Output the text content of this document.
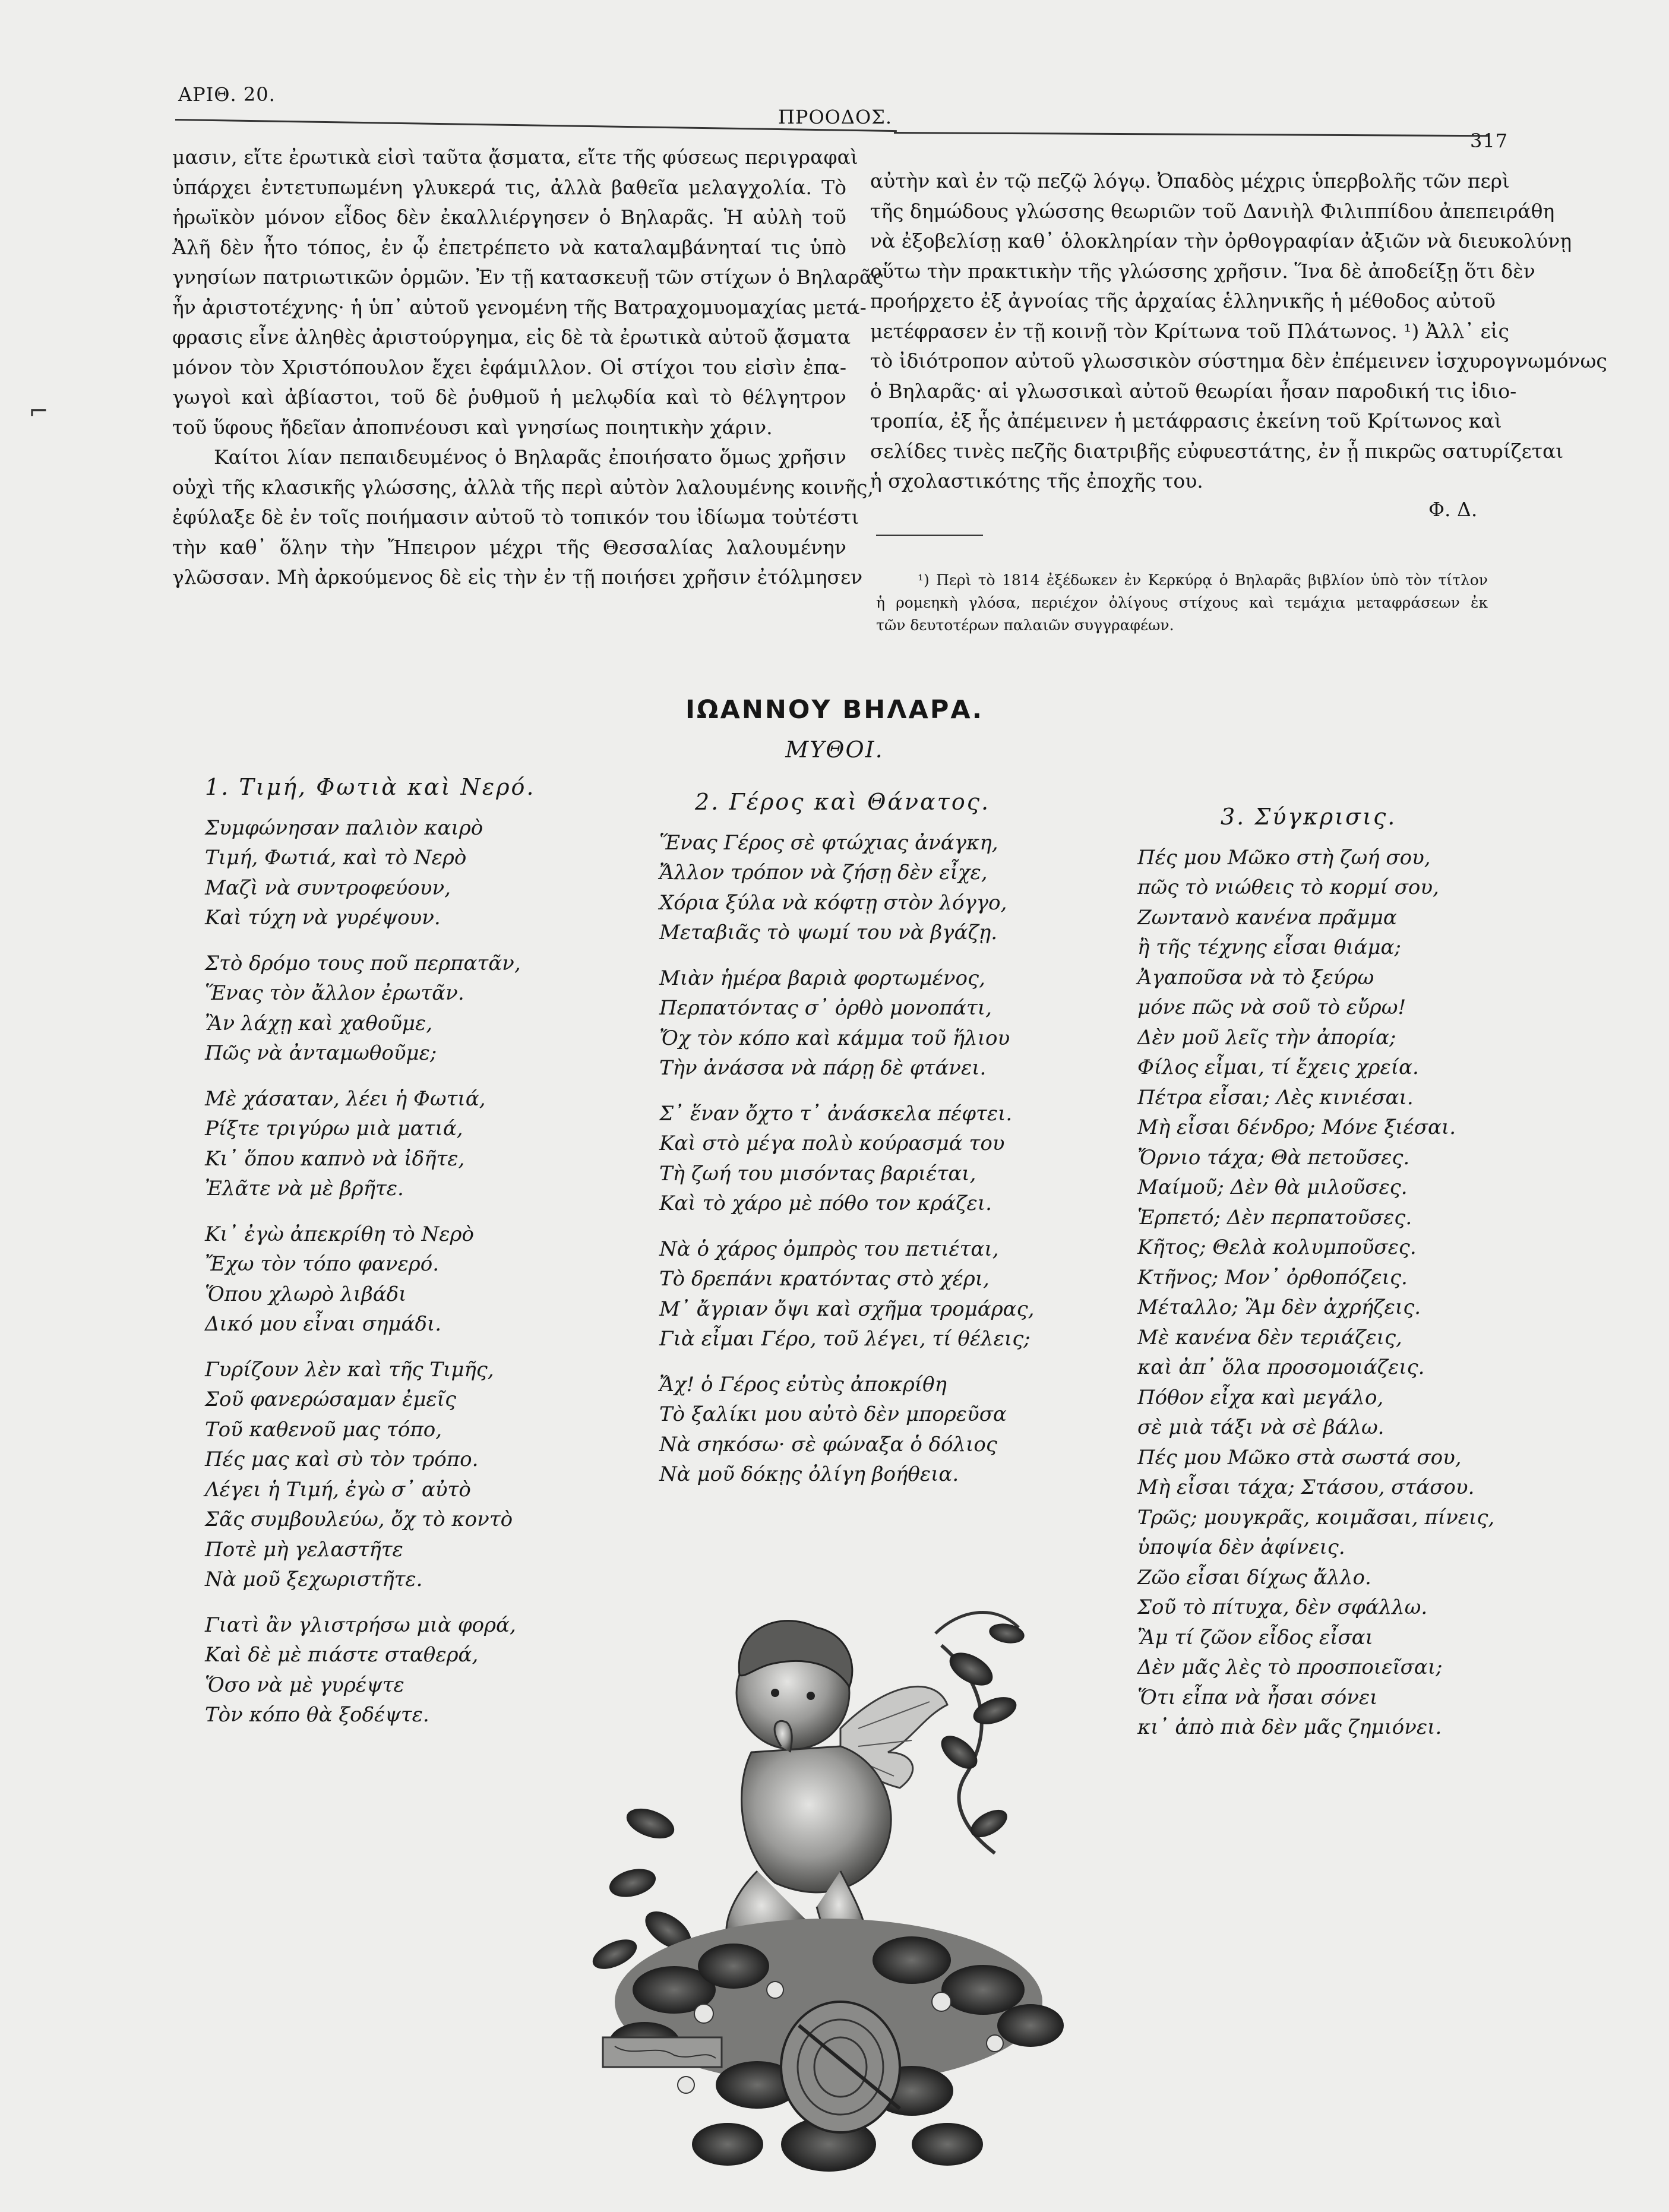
ΑΡΙΘ. 20.
ΠΡΟΟΔΟΣ.
317
μασιν, εἴτε ἐρωτικὰ εἰσὶ ταῦτα ᾄσματα, εἴτε τῆς φύσεως περιγραφαὶ
ὑπάρχει ἐντετυπωμένη γλυκερά τις, ἀλλὰ βαθεῖα μελαγχολία. Τὸ
ἡρωϊκὸν μόνον εἶδος δὲν ἐκαλλιέργησεν ὁ Βηλαρᾶς. Ἡ αὐλὴ τοῦ
Ἀλῆ δὲν ἦτο τόπος, ἐν ᾧ ἐπετρέπετο νὰ καταλαμβάνηταί τις ὑπὸ
γνησίων πατριωτικῶν ὁρμῶν. Ἐν τῇ κατασκευῇ τῶν στίχων ὁ Βηλαρᾶς
ἦν ἀριστοτέχνης· ἡ ὑπ᾿ αὐτοῦ γενομένη τῆς Βατραχομυομαχίας μετά-
φρασις εἶνε ἀληθὲς ἀριστούργημα, εἰς δὲ τὰ ἐρωτικὰ αὐτοῦ ᾄσματα
μόνον τὸν Χριστόπουλον ἔχει ἐφάμιλλον. Οἱ στίχοι του εἰσὶν ἐπα-
γωγοὶ καὶ ἀβίαστοι, τοῦ δὲ ῥυθμοῦ ἡ μελῳδία καὶ τὸ θέλγητρον
τοῦ ὕφους ἤδεῖαν ἀποπνέουσι καὶ γνησίως ποιητικὴν χάριν.
Καίτοι λίαν πεπαιδευμένος ὁ Βηλαρᾶς ἐποιήσατο ὅμως χρῆσιν
οὐχὶ τῆς κλασικῆς γλώσσης, ἀλλὰ τῆς περὶ αὐτὸν λαλουμένης κοινῆς,
ἐφύλαξε δὲ ἐν τοῖς ποιήμασιν αὐτοῦ τὸ τοπικόν του ἰδίωμα τοὐτέστι
τὴν καθ᾿ ὅλην τὴν Ἤπειρον μέχρι τῆς Θεσσαλίας λαλουμένην
γλῶσσαν. Μὴ ἀρκούμενος δὲ εἰς τὴν ἐν τῇ ποιήσει χρῆσιν ἐτόλμησεν
αὐτὴν καὶ ἐν τῷ πεζῷ λόγῳ. Ὀπαδὸς μέχρις ὑπερβολῆς τῶν περὶ
τῆς δημώδους γλώσσης θεωριῶν τοῦ Δανιὴλ Φιλιππίδου ἀπεπειράθη
νὰ ἐξοβελίσῃ καθ᾿ ὁλοκληρίαν τὴν ὀρθογραφίαν ἀξιῶν νὰ διευκολύνῃ
οὕτω τὴν πρακτικὴν τῆς γλώσσης χρῆσιν. Ἵνα δὲ ἀποδείξῃ ὅτι δὲν
προήρχετο ἐξ ἀγνοίας τῆς ἀρχαίας ἑλληνικῆς ἡ μέθοδος αὐτοῦ
μετέφρασεν ἐν τῇ κοινῇ τὸν Κρίτωνα τοῦ Πλάτωνος. ¹) Ἀλλ᾿ εἰς
τὸ ἰδιότροπον αὐτοῦ γλωσσικὸν σύστημα δὲν ἐπέμεινεν ἰσχυρογνωμόνως
ὁ Βηλαρᾶς· αἱ γλωσσικαὶ αὐτοῦ θεωρίαι ἦσαν παροδική τις ἰδιο-
τροπία, ἐξ ἧς ἀπέμεινεν ἡ μετάφρασις ἐκείνη τοῦ Κρίτωνος καὶ
σελίδες τινὲς πεζῆς διατριβῆς εὐφυεστάτης, ἐν ᾗ πικρῶς σατυρίζεται
ἡ σχολαστικότης τῆς ἐποχῆς του.
Φ. Δ.
¹) Περὶ τὸ 1814 ἐξέδωκεν ἐν Κερκύρᾳ ὁ Βηλαρᾶς βιβλίον ὑπὸ τὸν τίτλον
ἡ ρομεηκὴ γλόσα, περιέχον ὀλίγους στίχους καὶ τεμάχια μεταφράσεων ἐκ
τῶν δευτοτέρων παλαιῶν συγγραφέων.
⌐
ΙΩΑΝΝΟΥ ΒΗΛΑΡΑ.
ΜΥΘΟΙ.
1. Τιμή, Φωτιὰ καὶ Νερό.
Συμφώνησαν παλιὸν καιρὸ
Τιμή, Φωτιά, καὶ τὸ Νερὸ
Μαζὶ νὰ συντροφεύουν,
Καὶ τύχη νὰ γυρέψουν.
Στὸ δρόμο τους ποῦ περπατᾶν,
Ἕνας τὸν ἄλλον ἐρωτᾶν.
Ἂν λάχῃ καὶ χαθοῦμε,
Πῶς νὰ ἀνταμωθοῦμε;
Μὲ χάσαταν, λέει ἡ Φωτιά,
Ρίξτε τριγύρω μιὰ ματιά,
Κι᾿ ὅπου καπνὸ νὰ ἰδῆτε,
Ἐλᾶτε νὰ μὲ βρῆτε.
Κι᾿ ἐγὼ ἀπεκρίθη τὸ Νερὸ
Ἔχω τὸν τόπο φανερό.
Ὅπου χλωρὸ λιβάδι
Δικό μου εἶναι σημάδι.
Γυρίζουν λὲν καὶ τῆς Τιμῆς,
Σοῦ φανερώσαμαν ἐμεῖς
Τοῦ καθενοῦ μας τόπο,
Πές μας καὶ σὺ τὸν τρόπο.
Λέγει ἡ Τιμή, ἐγὼ σ᾿ αὐτὸ
Σᾶς συμβουλεύω, ὄχ τὸ κοντὸ
Ποτὲ μὴ γελαστῆτε
Νὰ μοῦ ξεχωριστῆτε.
Γιατὶ ἂν γλιστρήσω μιὰ φορά,
Καὶ δὲ μὲ πιάστε σταθερά,
Ὅσο νὰ μὲ γυρέψτε
Τὸν κόπο θὰ ξοδέψτε.
2. Γέρος καὶ Θάνατος.
Ἕνας Γέρος σὲ φτώχιας ἀνάγκη,
Ἄλλον τρόπον νὰ ζήσῃ δὲν εἶχε,
Χόρια ξύλα νὰ κόφτῃ στὸν λόγγο,
Μεταβιᾶς τὸ ψωμί του νὰ βγάζῃ.
Μιὰν ἡμέρα βαριὰ φορτωμένος,
Περπατόντας σ᾿ ὀρθὸ μονοπάτι,
Ὄχ τὸν κόπο καὶ κάμμα τοῦ ἥλιου
Τὴν ἀνάσσα νὰ πάρῃ δὲ φτάνει.
Σ᾿ ἕναν ὄχτο τ᾿ ἀνάσκελα πέφτει.
Καὶ στὸ μέγα πολὺ κούρασμά του
Τὴ ζωή του μισόντας βαριέται,
Καὶ τὸ χάρο μὲ πόθο τον κράζει.
Νὰ ὁ χάρος ὀμπρὸς του πετιέται,
Τὸ δρεπάνι κρατόντας στὸ χέρι,
Μ᾿ ἄγριαν ὄψι καὶ σχῆμα τρομάρας,
Γιὰ εἶμαι Γέρο, τοῦ λέγει, τί θέλεις;
Ἄχ! ὁ Γέρος εὐτὺς ἀποκρίθη
Τὸ ξαλίκι μου αὐτὸ δὲν μπορεῦσα
Νὰ σηκόσω· σὲ φώναξα ὁ δόλιος
Νὰ μοῦ δόκῃς ὀλίγη βοήθεια.
3. Σύγκρισις.
Πές μου Μῶκο στὴ ζωή σου,
πῶς τὸ νιώθεις τὸ κορμί σου,
Ζωντανὸ κανένα πρᾶμμα
ἢ τῆς τέχνης εἶσαι θιάμα;
Ἀγαποῦσα νὰ τὸ ξεύρω
μόνε πῶς νὰ σοῦ τὸ εὔρω!
Δὲν μοῦ λεῖς τὴν ἀπορία;
Φίλος εἶμαι, τί ἔχεις χρεία.
Πέτρα εἶσαι; Λὲς κινιέσαι.
Μὴ εἶσαι δένδρο; Μόνε ξιέσαι.
Ὄρνιο τάχα; Θὰ πετοῦσες.
Μαίμοῦ; Δὲν θὰ μιλοῦσες.
Ἑρπετό; Δὲν περπατοῦσες.
Κῆτος; Θελὰ κολυμποῦσες.
Κτῆνος; Μον᾿ ὀρθοπόζεις.
Μέταλλο; Ἂμ δὲν ἀχρήζεις.
Μὲ κανένα δὲν τεριάζεις,
καὶ ἀπ᾿ ὅλα προσομοιάζεις.
Πόθον εἶχα καὶ μεγάλο,
σὲ μιὰ τάξι νὰ σὲ βάλω.
Πές μου Μῶκο στὰ σωστά σου,
Μὴ εἶσαι τάχα; Στάσου, στάσου.
Τρῶς; μουγκρᾶς, κοιμᾶσαι, πίνεις,
ὑποψία δὲν ἀφίνεις.
Ζῶο εἶσαι δίχως ἄλλο.
Σοῦ τὸ πίτυχα, δὲν σφάλλω.
Ἂμ τί ζῶον εἶδος εἶσαι
Δὲν μᾶς λὲς τὸ προσποιεῖσαι;
Ὅτι εἶπα νὰ ἦσαι σόνει
κι᾿ ἀπὸ πιὰ δὲν μᾶς ζημιόνει.
